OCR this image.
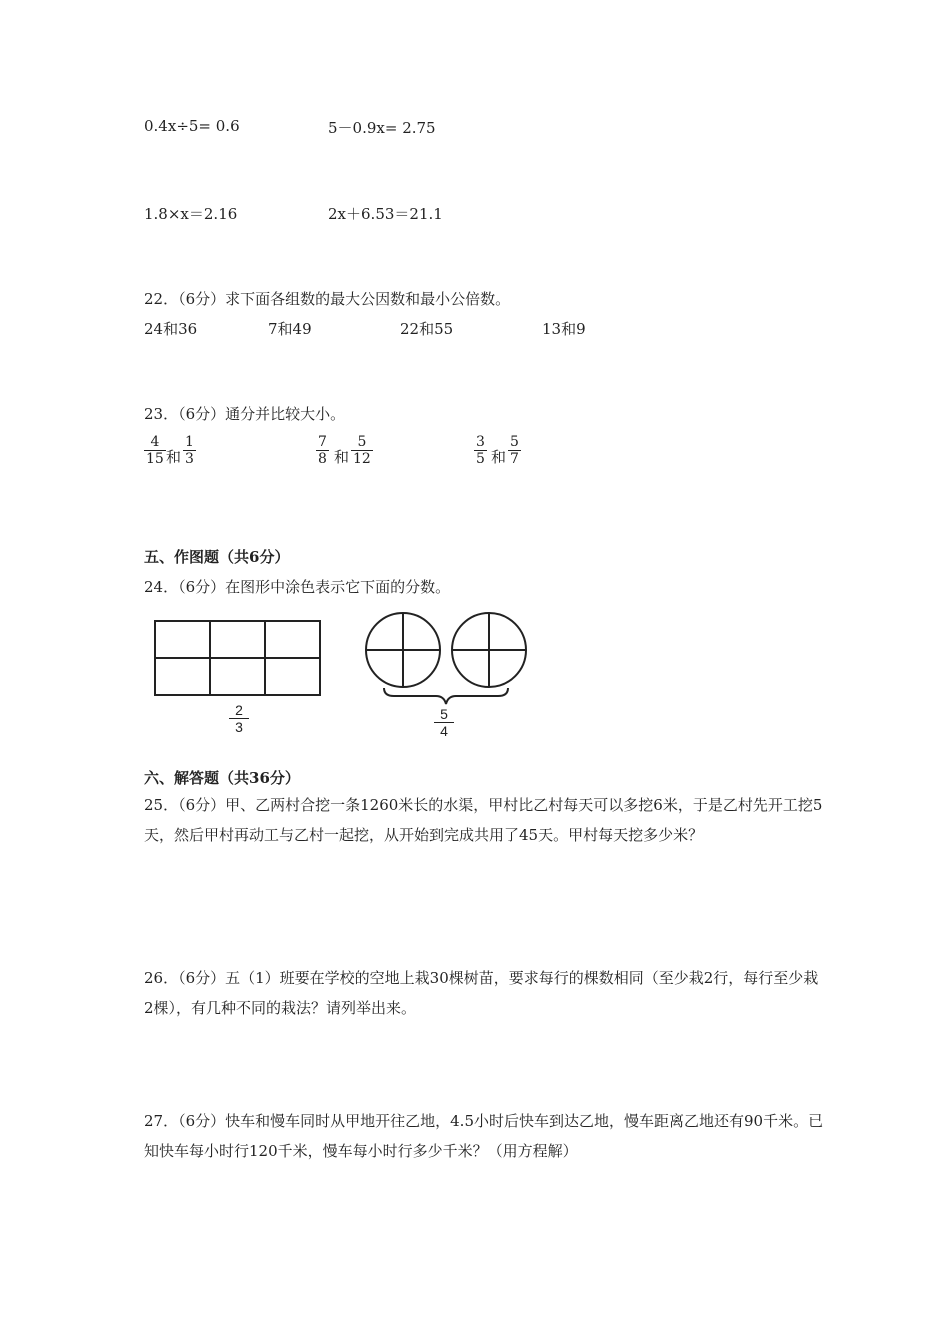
0.4x÷5= 0.6	5－0.9x= 2.75
1.8×x＝2.16	2x＋6.53＝21.1
22．（6分）求下面各组数的最大公因数和最小公倍数。
24和36	7和49	22和55	13和9
23．（6分）通分并比较大小。
4
15 和
1
3
7
8 和
5
12
3
5 和
5
7
五、作图题（共6分）
24．（6分）在图形中涂色表示它下面的分数。
2
3
5
4
六、解答题（共36分）
25．（6分）甲、乙两村合挖一条1260米长的水渠，甲村比乙村每天可以多挖6米，于是乙村先开工挖5天，然后甲村再动工与乙村一起挖，从开始到完成共用了45天。甲村每天挖多少米？
26．（6分）五（1）班要在学校的空地上栽30棵树苗，要求每行的棵数相同（至少栽2行，每行至少栽2棵），有几种不同的栽法？请列举出来。
27．（6分）快车和慢车同时从甲地开往乙地，4.5小时后快车到达乙地，慢车距离乙地还有90千米。已知快车每小时行120千米，慢车每小时行多少千米？（用方程解）
